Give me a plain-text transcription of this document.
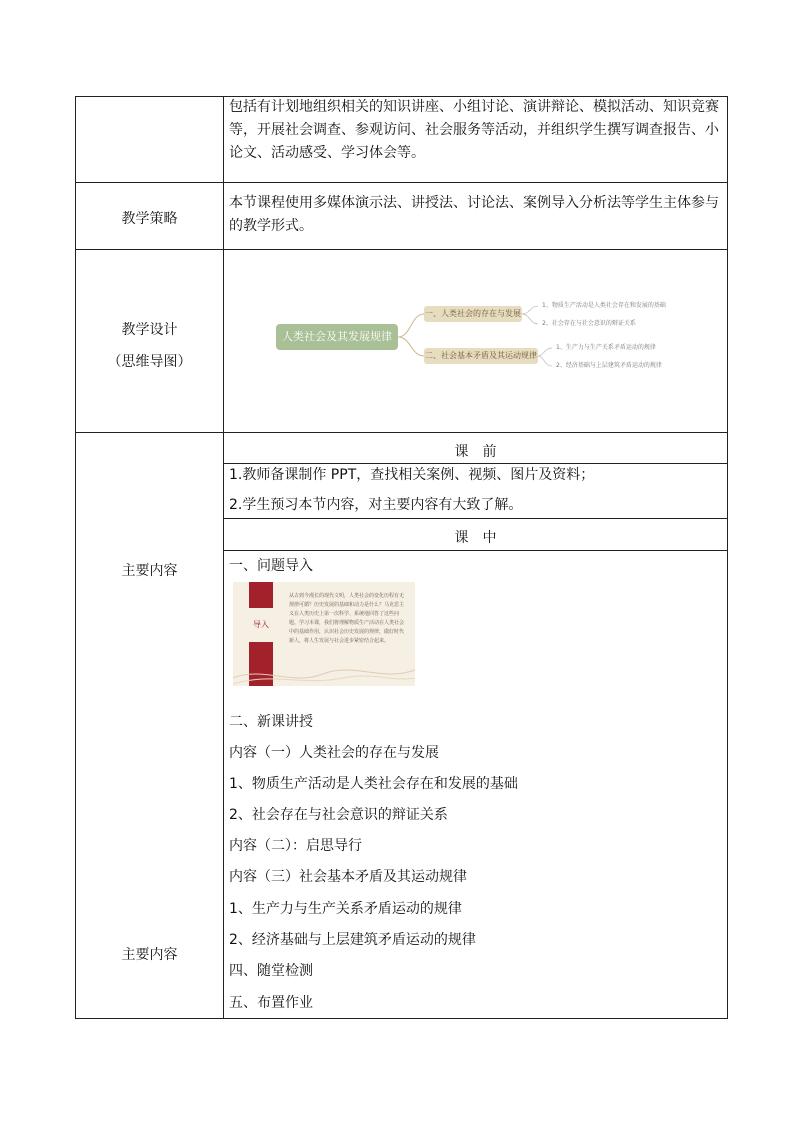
包括有计划地组织相关的知识讲座、小组讨论、演讲辩论、模拟活动、知识竞赛等，开展社会调查、参观访问、社会服务等活动，并组织学生撰写调查报告、小论文、活动感受、学习体会等。
教学策略
本节课程使用多媒体演示法、讲授法、讨论法、案例导入分析法等学生主体参与的教学形式。
教学设计
（思维导图）
人类社会及其发展规律
一、人类社会的存在与发展
二、社会基本矛盾及其运动规律
1、物质生产活动是人类社会存在和发展的基础
2、社会存在与社会意识的辩证关系
1、生产力与生产关系矛盾运动的规律
2、经济基础与上层建筑矛盾运动的规律
主要内容
主要内容
课　前
1.教师备课制作 PPT，查找相关案例、视频、图片及资料；
2.学生预习本节内容，对主要内容有大致了解。
课　中
一、问题导入
导入
从古到今漫长的现代文明，人类社会的变化历程有无规律可循？历史发展的基础和动力是什么？马克思主义在人类历史上第一次科学、系统地回答了这些问题。学习本课，我们将理解物质生产活动在人类社会中的基础作用，认识社会历史发展的规律，做好时代新人，将人生发展与社会进步紧密结合起来。
二、新课讲授
内容（一）人类社会的存在与发展
1、物质生产活动是人类社会存在和发展的基础
2、社会存在与社会意识的辩证关系
内容（二）：启思导行
内容（三）社会基本矛盾及其运动规律
1、生产力与生产关系矛盾运动的规律
2、经济基础与上层建筑矛盾运动的规律
四、随堂检测
五、布置作业
